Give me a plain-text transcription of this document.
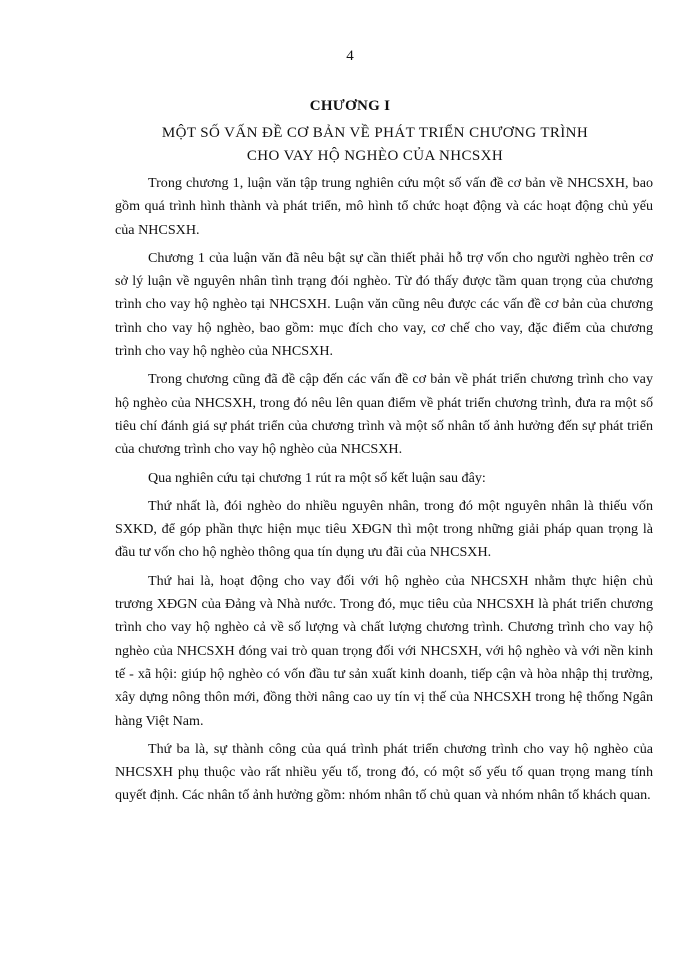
4
CHƯƠNG I
MỘT SỐ VẤN ĐỀ CƠ BẢN VỀ PHÁT TRIỂN CHƯƠNG TRÌNH
CHO VAY HỘ NGHÈO CỦA NHCSXH

Trong chương 1, luận văn tập trung nghiên cứu một số vấn đề cơ bản về NHCSXH, bao gồm quá trình hình thành và phát triển, mô hình tổ chức hoạt động và các hoạt động chủ yếu của NHCSXH.

Chương 1 của luận văn đã nêu bật sự cần thiết phải hỗ trợ vốn cho người nghèo trên cơ sở lý luận về nguyên nhân tình trạng đói nghèo. Từ đó thấy được tầm quan trọng của chương trình cho vay hộ nghèo tại NHCSXH. Luận văn cũng nêu được các vấn đề cơ bản của chương trình cho vay hộ nghèo, bao gồm: mục đích cho vay, cơ chế cho vay, đặc điểm của chương trình cho vay hộ nghèo của NHCSXH.

Trong chương cũng đã đề cập đến các vấn đề cơ bản về phát triển chương trình cho vay hộ nghèo của NHCSXH, trong đó nêu lên quan điểm về phát triển chương trình, đưa ra một số tiêu chí đánh giá sự phát triển của chương trình và một số nhân tố ảnh hưởng đến sự phát triển của chương trình cho vay hộ nghèo của NHCSXH.

Qua nghiên cứu tại chương 1 rút ra một số kết luận sau đây:

Thứ nhất là, đói nghèo do nhiều nguyên nhân, trong đó một nguyên nhân là thiếu vốn SXKD, để góp phần thực hiện mục tiêu XĐGN thì một trong những giải pháp quan trọng là đầu tư vốn cho hộ nghèo thông qua tín dụng ưu đãi của NHCSXH.

Thứ hai là, hoạt động cho vay đối với hộ nghèo của NHCSXH nhằm thực hiện chủ trương XĐGN của Đảng và Nhà nước. Trong đó, mục tiêu của NHCSXH là phát triển chương trình cho vay hộ nghèo cả về số lượng và chất lượng chương trình. Chương trình cho vay hộ nghèo của NHCSXH đóng vai trò quan trọng đối với NHCSXH, với hộ nghèo và với nền kinh tế - xã hội: giúp hộ nghèo có vốn đầu tư sản xuất kinh doanh, tiếp cận và hòa nhập thị trường, xây dựng nông thôn mới, đồng thời nâng cao uy tín vị thế của NHCSXH trong hệ thống Ngân hàng Việt Nam.

Thứ ba là, sự thành công của quá trình phát triển chương trình cho vay hộ nghèo của NHCSXH phụ thuộc vào rất nhiều yếu tố, trong đó, có một số yếu tố quan trọng mang tính quyết định. Các nhân tố ảnh hưởng gồm: nhóm nhân tố chủ quan và nhóm nhân tố khách quan.
